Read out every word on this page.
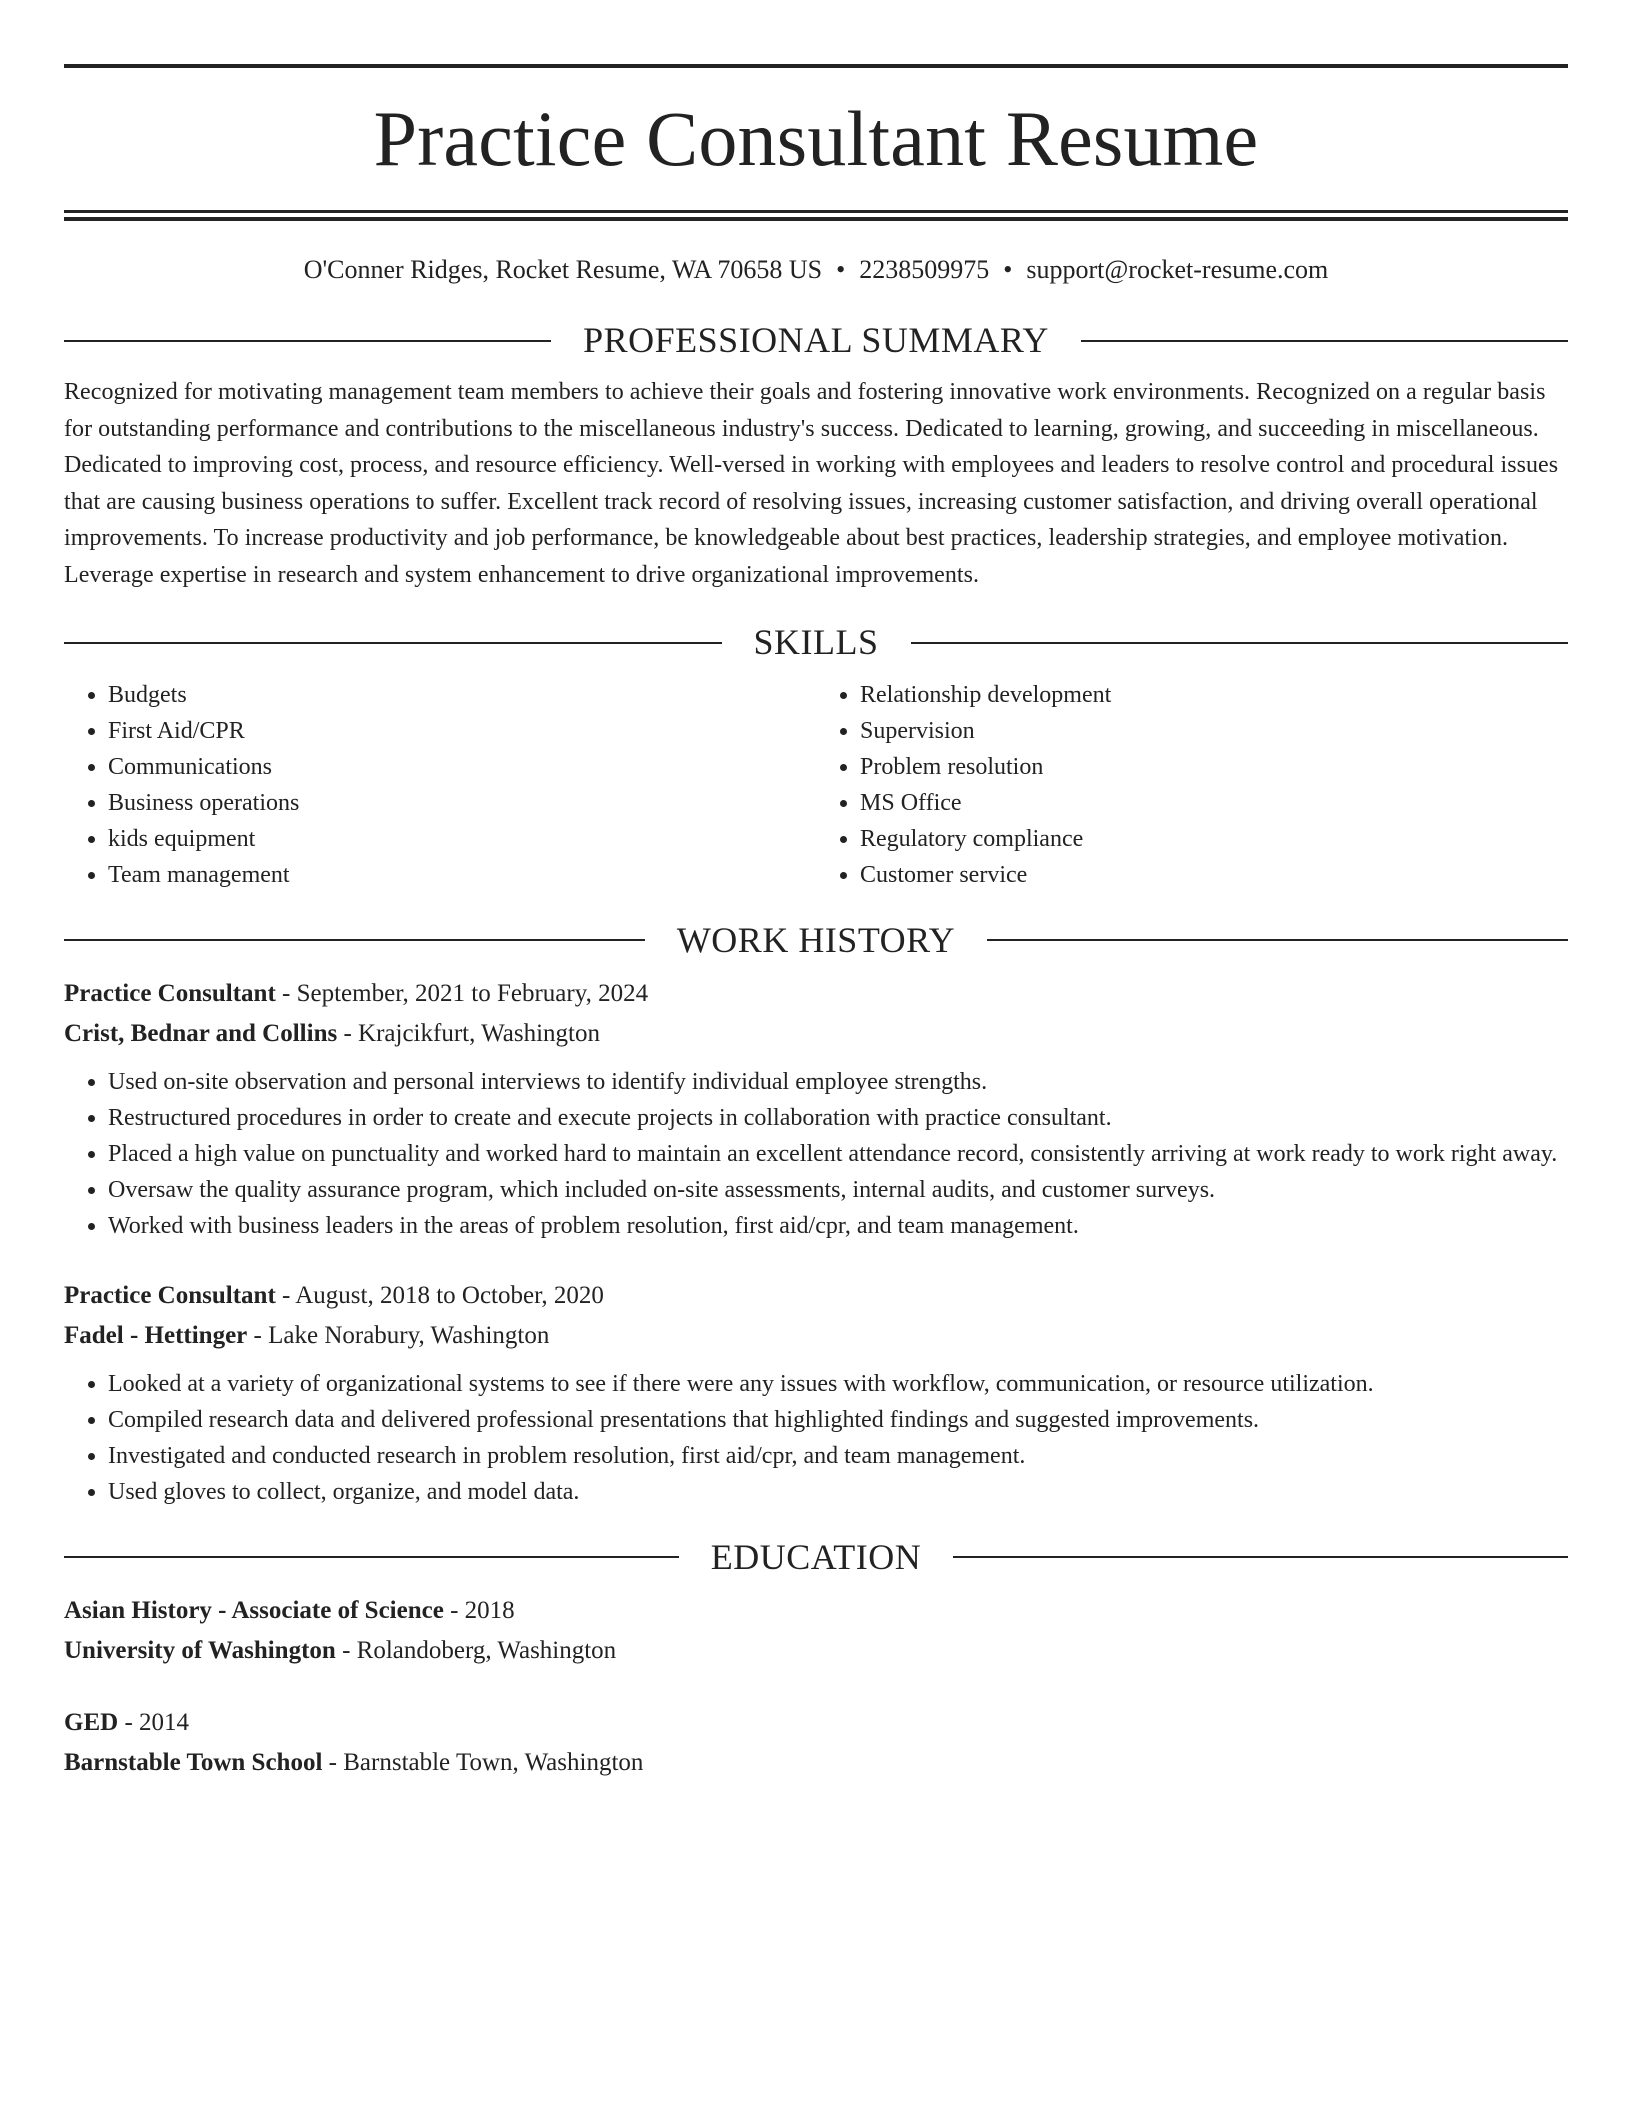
Practice Consultant Resume
O'Conner Ridges, Rocket Resume, WA 70658 US • 2238509975 • support@rocket-resume.com
PROFESSIONAL SUMMARY
Recognized for motivating management team members to achieve their goals and fostering innovative work environments. Recognized on a regular basis for outstanding performance and contributions to the miscellaneous industry's success. Dedicated to learning, growing, and succeeding in miscellaneous. Dedicated to improving cost, process, and resource efficiency. Well-versed in working with employees and leaders to resolve control and procedural issues that are causing business operations to suffer. Excellent track record of resolving issues, increasing customer satisfaction, and driving overall operational improvements. To increase productivity and job performance, be knowledgeable about best practices, leadership strategies, and employee motivation. Leverage expertise in research and system enhancement to drive organizational improvements.
SKILLS
• Budgets
• First Aid/CPR
• Communications
• Business operations
• kids equipment
• Team management
• Relationship development
• Supervision
• Problem resolution
• MS Office
• Regulatory compliance
• Customer service
WORK HISTORY
Practice Consultant - September, 2021 to February, 2024
Crist, Bednar and Collins - Krajcikfurt, Washington
• Used on-site observation and personal interviews to identify individual employee strengths.
• Restructured procedures in order to create and execute projects in collaboration with practice consultant.
• Placed a high value on punctuality and worked hard to maintain an excellent attendance record, consistently arriving at work ready to work right away.
• Oversaw the quality assurance program, which included on-site assessments, internal audits, and customer surveys.
• Worked with business leaders in the areas of problem resolution, first aid/cpr, and team management.
Practice Consultant - August, 2018 to October, 2020
Fadel - Hettinger - Lake Norabury, Washington
• Looked at a variety of organizational systems to see if there were any issues with workflow, communication, or resource utilization.
• Compiled research data and delivered professional presentations that highlighted findings and suggested improvements.
• Investigated and conducted research in problem resolution, first aid/cpr, and team management.
• Used gloves to collect, organize, and model data.
EDUCATION
Asian History - Associate of Science - 2018
University of Washington - Rolandoberg, Washington
GED - 2014
Barnstable Town School - Barnstable Town, Washington
